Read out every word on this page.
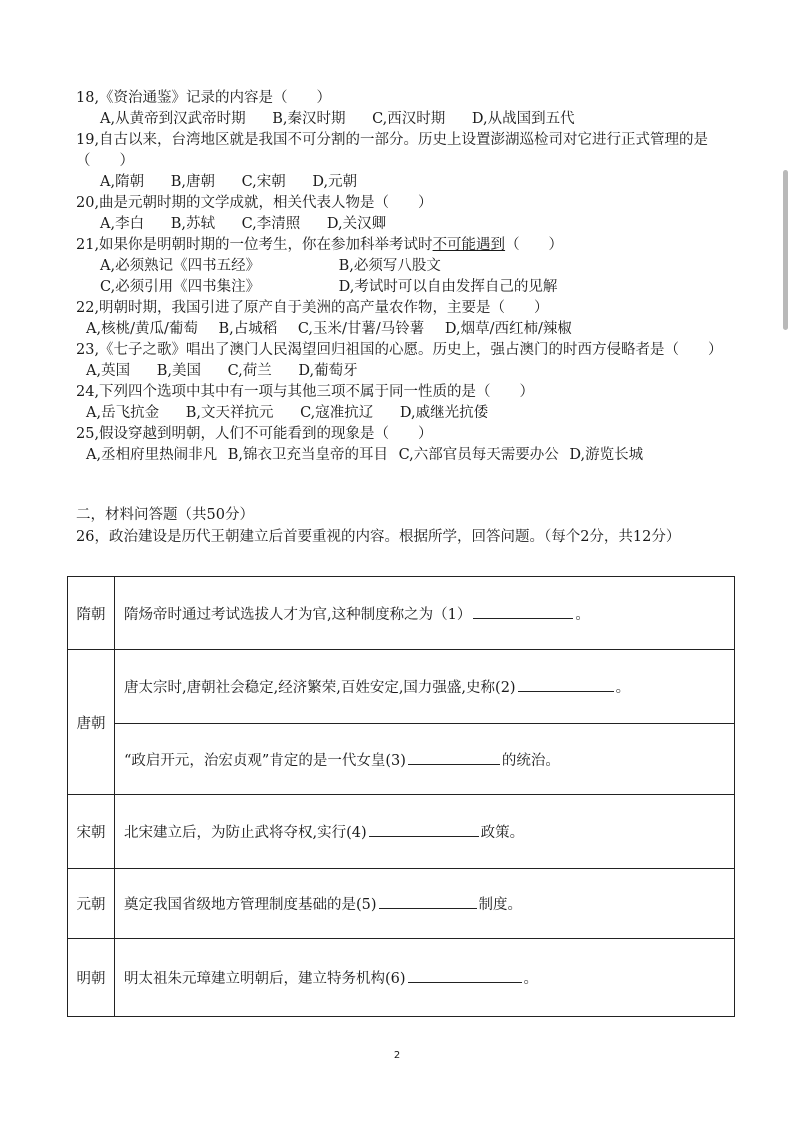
18,《资治通鉴》记录的内容是（　　）
A,从黄帝到汉武帝时期 B,秦汉时期 C,西汉时期 D,从战国到五代
19,自古以来，台湾地区就是我国不可分割的一部分。历史上设置澎湖巡检司对它进行正式管理的是（　　）
A,隋朝 B,唐朝 C,宋朝 D,元朝
20,曲是元朝时期的文学成就，相关代表人物是（　　）
A,李白 B,苏轼 C,李清照 D,关汉卿
21,如果你是明朝时期的一位考生，你在参加科举考试时不可能遇到（　　）
A,必须熟记《四书五经》	B,必须写八股文
C,必须引用《四书集注》	D,考试时可以自由发挥自己的见解
22,明朝时期，我国引进了原产自于美洲的高产量农作物，主要是（　　）
A,核桃/黄瓜/葡萄 B,占城稻 C,玉米/甘薯/马铃薯 D,烟草/西红柿/辣椒
23,《七子之歌》唱出了澳门人民渴望回归祖国的心愿。历史上，强占澳门的时西方侵略者是（　　）
A,英国 B,美国 C,荷兰 D,葡萄牙
24,下列四个选项中其中有一项与其他三项不属于同一性质的是（　　）
A,岳飞抗金 B,文天祥抗元 C,寇准抗辽 D,戚继光抗倭
25,假设穿越到明朝，人们不可能看到的现象是（　　）
A,丞相府里热闹非凡 B,锦衣卫充当皇帝的耳目 C,六部官员每天需要办公 D,游览长城
二，材料问答题（共50分）
26，政治建设是历代王朝建立后首要重视的内容。根据所学，回答问题。（每个2分，共12分）
隋朝	隋炀帝时通过考试选拔人才为官,这种制度称之为（1） 。
唐朝	唐太宗时,唐朝社会稳定,经济繁荣,百姓安定,国力强盛,史称(2) 。
	“政启开元，治宏贞观”肯定的是一代女皇(3) 的统治。
宋朝	北宋建立后，为防止武将夺权,实行(4) 政策。
元朝	奠定我国省级地方管理制度基础的是(5) 制度。
明朝	明太祖朱元璋建立明朝后，建立特务机构(6) 。
2
